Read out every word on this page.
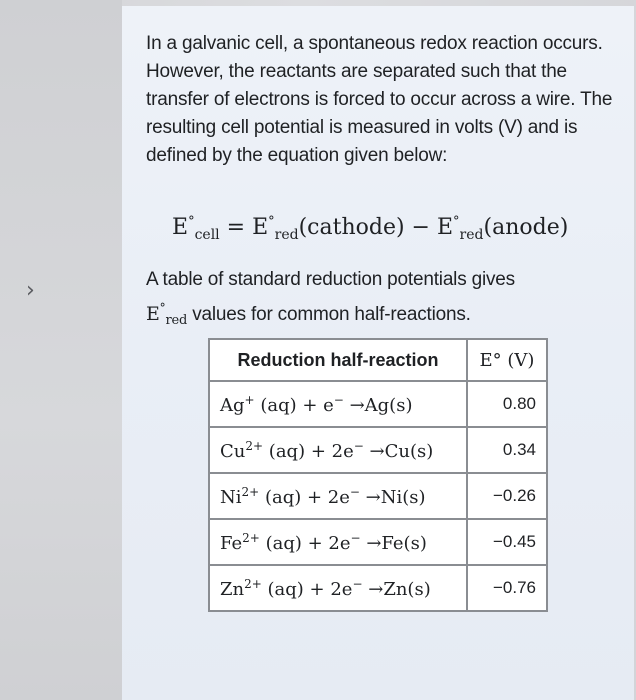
›
In a galvanic cell, a spontaneous redox reaction occurs. However, the reactants are separated such that the transfer of electrons is forced to occur across a wire. The resulting cell potential is measured in volts (V) and is defined by the equation given below:
$E^\circ_{cell}$ = $E^\circ_{red}(cathode)$ − $E^\circ_{red}(anode)$
A table of standard reduction potentials gives
$E^\circ_{red}$ values for common half-reactions.
Reduction half-reaction	E° (V)
Ag+ (aq) + e− →Ag(s)	0.80
$Cu^{2+}$ (aq) + 2e− →Cu(s)	0.34
$Ni^{2+}$ (aq) + 2e− →Ni(s)	−0.26
$Fe^{2+}$ (aq) + 2e− →Fe(s)	−0.45
$Zn^{2+}$ (aq) + 2e− →Zn(s)	−0.76
